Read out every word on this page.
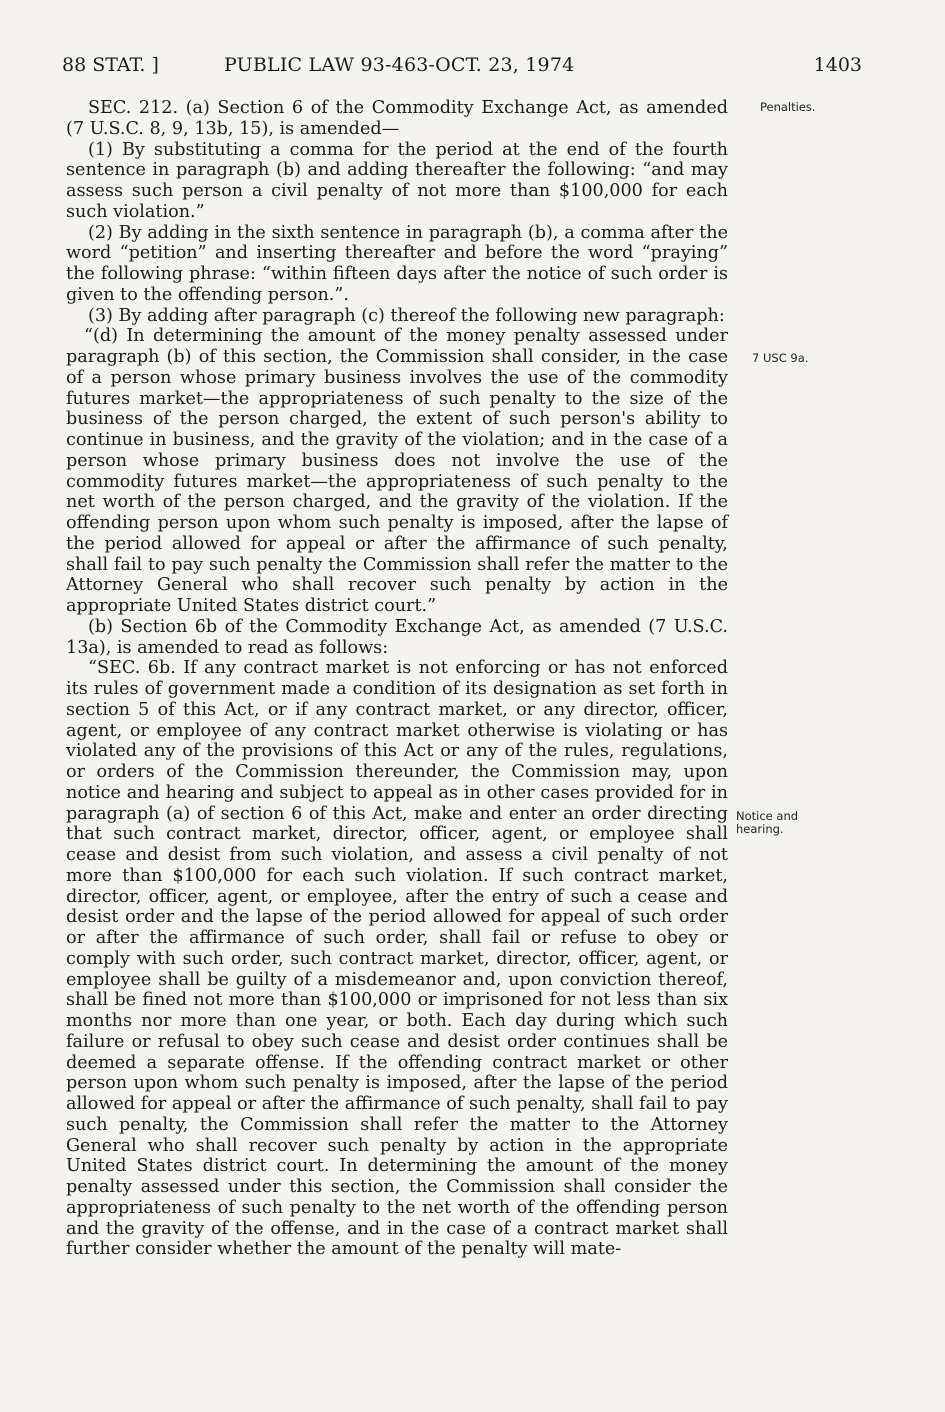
88 STAT. ]	PUBLIC LAW 93-463-OCT. 23, 1974	1403
Penalties.
7 USC 9a.
Notice and hearing.

SEC. 212. (a) Section 6 of the Commodity Exchange Act, as amended (7 U.S.C. 8, 9, 13b, 15), is amended—

(1) By substituting a comma for the period at the end of the fourth sentence in paragraph (b) and adding thereafter the following: “and may assess such person a civil penalty of not more than $100,000 for each such violation.”

(2) By adding in the sixth sentence in paragraph (b), a comma after the word “petition” and inserting thereafter and before the word “praying” the following phrase: “within fifteen days after the notice of such order is given to the offending person.”.

(3) By adding after paragraph (c) thereof the following new paragraph:

“(d) In determining the amount of the money penalty assessed under paragraph (b) of this section, the Commission shall consider, in the case of a person whose primary business involves the use of the commodity futures market—the appropriateness of such penalty to the size of the business of the person charged, the extent of such person's ability to continue in business, and the gravity of the violation; and in the case of a person whose primary business does not involve the use of the commodity futures market—the appropriateness of such penalty to the net worth of the person charged, and the gravity of the violation. If the offending person upon whom such penalty is imposed, after the lapse of the period allowed for appeal or after the affirmance of such penalty, shall fail to pay such penalty the Commission shall refer the matter to the Attorney General who shall recover such penalty by action in the appropriate United States district court.”

(b) Section 6b of the Commodity Exchange Act, as amended (7 U.S.C. 13a), is amended to read as follows:

“SEC. 6b. If any contract market is not enforcing or has not enforced its rules of government made a condition of its designation as set forth in section 5 of this Act, or if any contract market, or any director, officer, agent, or employee of any contract market otherwise is violating or has violated any of the provisions of this Act or any of the rules, regulations, or orders of the Commission thereunder, the Commission may, upon notice and hearing and subject to appeal as in other cases provided for in paragraph (a) of section 6 of this Act, make and enter an order directing that such contract market, director, officer, agent, or employee shall cease and desist from such violation, and assess a civil penalty of not more than $100,000 for each such violation. If such contract market, director, officer, agent, or employee, after the entry of such a cease and desist order and the lapse of the period allowed for appeal of such order or after the affirmance of such order, shall fail or refuse to obey or comply with such order, such contract market, director, officer, agent, or employee shall be guilty of a misdemeanor and, upon conviction thereof, shall be fined not more than $100,000 or imprisoned for not less than six months nor more than one year, or both. Each day during which such failure or refusal to obey such cease and desist order continues shall be deemed a separate offense. If the offending contract market or other person upon whom such penalty is imposed, after the lapse of the period allowed for appeal or after the affirmance of such penalty, shall fail to pay such penalty, the Commission shall refer the matter to the Attorney General who shall recover such penalty by action in the appropriate United States district court. In determining the amount of the money penalty assessed under this section, the Commission shall consider the appropriateness of such penalty to the net worth of the offending person and the gravity of the offense, and in the case of a contract market shall further consider whether the amount of the penalty will mate-
